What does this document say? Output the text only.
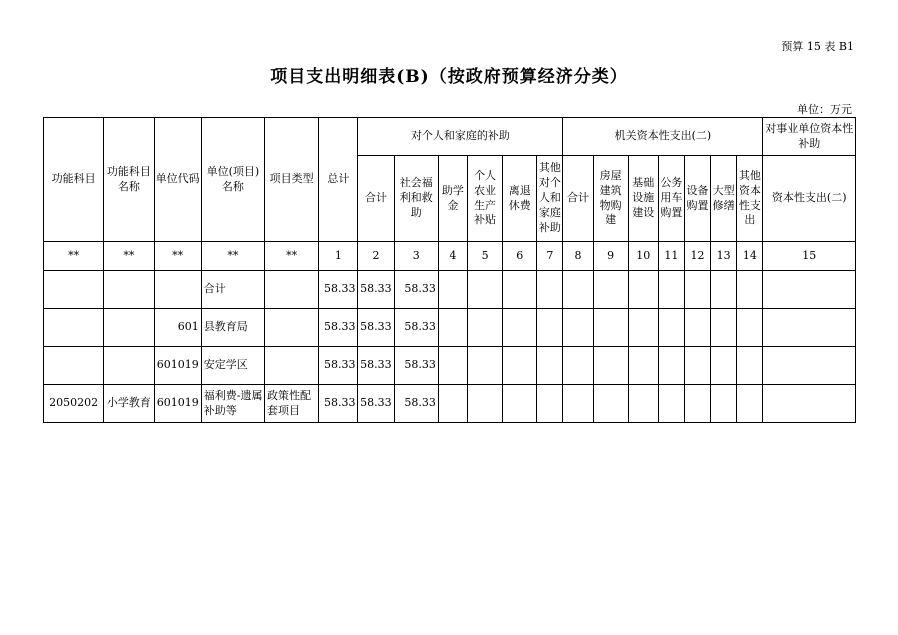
预算 15 表 B1
项目支出明细表(B)（按政府预算经济分类）
单位：万元
功能科目	功能科目名称	单位代码	单位(项目)名称	项目类型	总计	对个人和家庭的补助						机关资本性支出(二)							对事业单位资本性补助
						合计	社会福利和救助	助学金	个人农业生产补贴	离退休费	其他对个人和家庭补助	合计	房屋建筑物购建	基础设施建设	公务用车购置	设备购置	大型修缮	其他资本性支出	资本性支出(二)
**	**	**	**	**	1	2	3	4	5	6	7	8	9	10	11	12	13	14	15
			合计		58.33	58.33	58.33												
		601	县教育局		58.33	58.33	58.33												
		601019	安定学区		58.33	58.33	58.33												
2050202	小学教育	601019	福利费-遗属补助等	政策性配套项目	58.33	58.33	58.33												
